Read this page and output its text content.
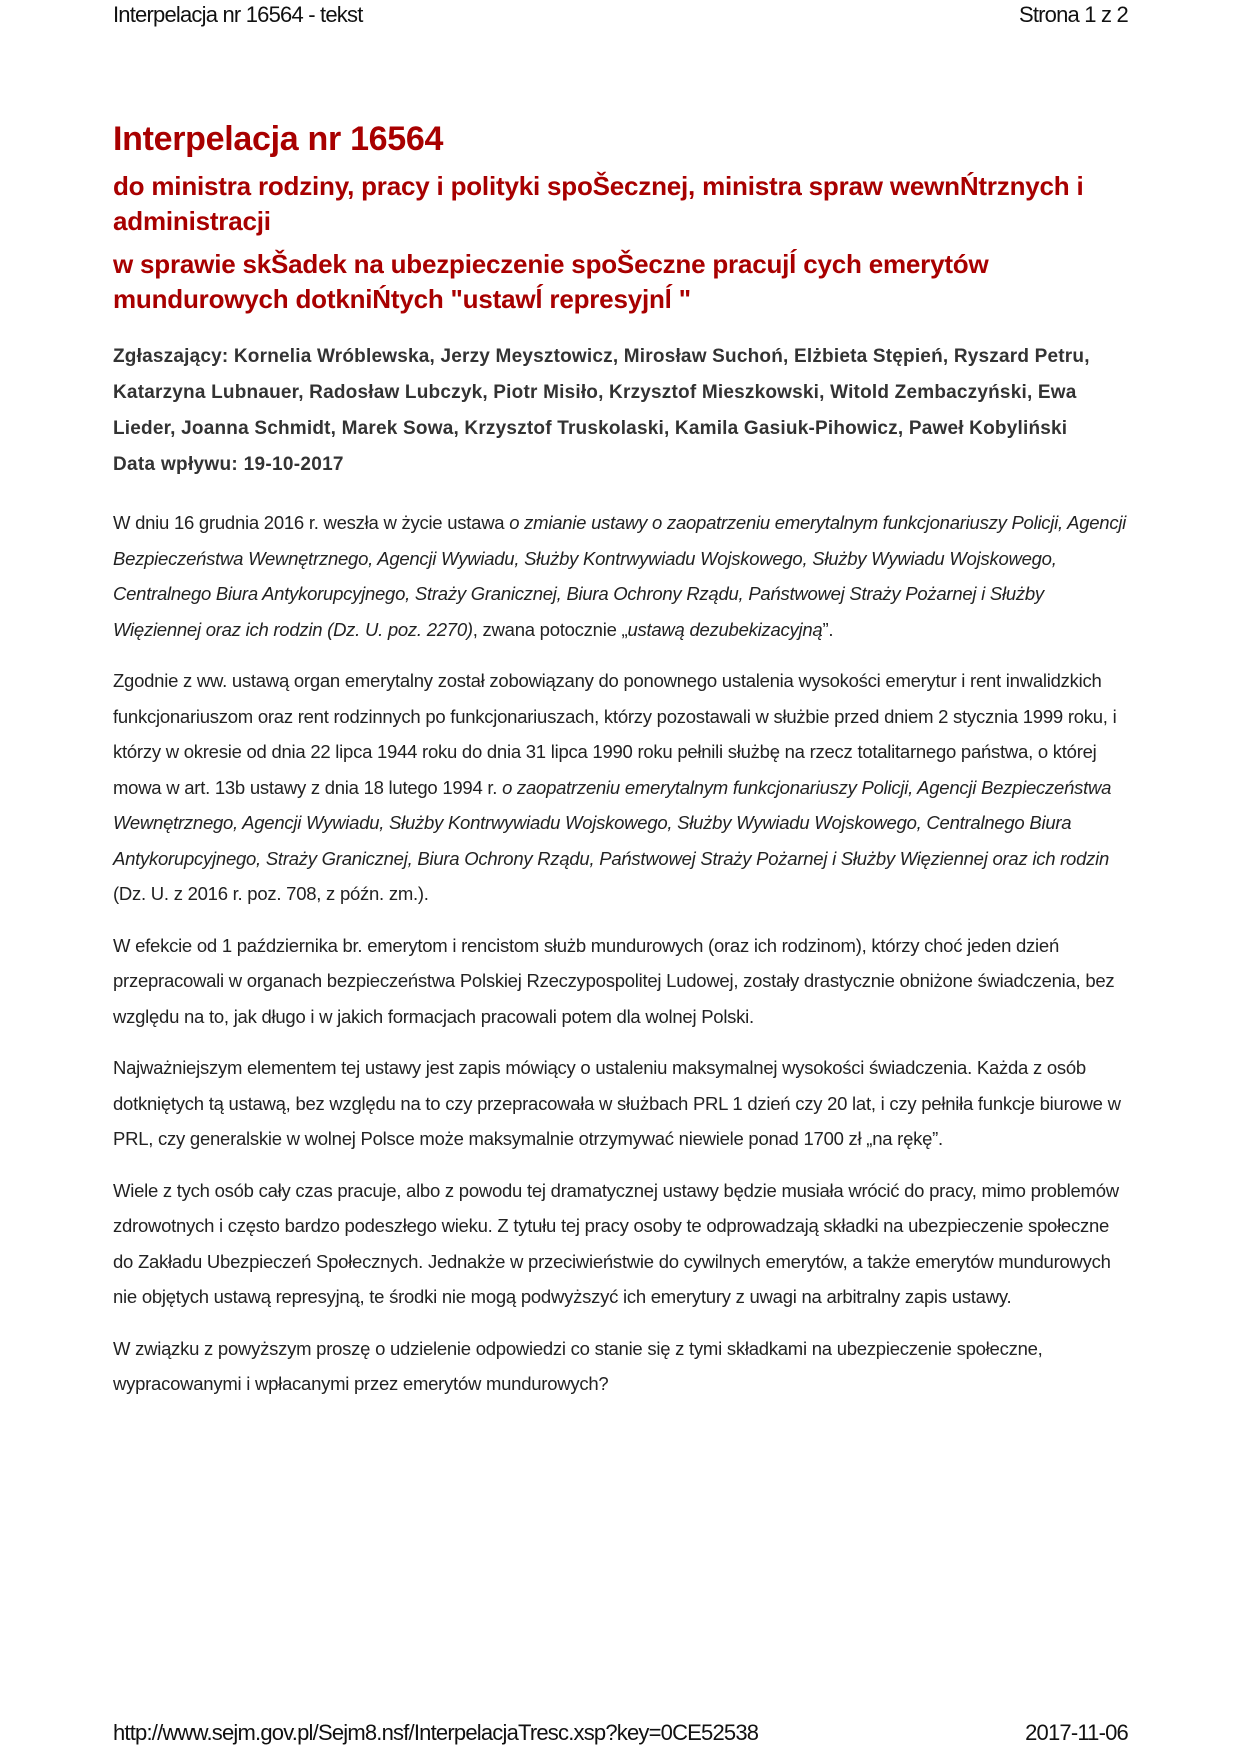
Interpelacja nr 16564 - tekst	Strona 1 z 2
Interpelacja nr 16564
do ministra rodziny, pracy i polityki spoŠecznej, ministra spraw wewnŃtrznych i administracji
w sprawie skŠadek na ubezpieczenie spoŠeczne pracujĺ cych emerytów mundurowych dotkniŃtych "ustawĺ represyjnĺ "
Zgłaszający: Kornelia Wróblewska, Jerzy Meysztowicz, Mirosław Suchoń, Elżbieta Stępień, Ryszard Petru, Katarzyna Lubnauer, Radosław Lubczyk, Piotr Misiło, Krzysztof Mieszkowski, Witold Zembaczyński, Ewa Lieder, Joanna Schmidt, Marek Sowa, Krzysztof Truskolaski, Kamila Gasiuk-Pihowicz, Paweł Kobyliński
Data wpływu: 19-10-2017

W dniu 16 grudnia 2016 r. weszła w życie ustawa o zmianie ustawy o zaopatrzeniu emerytalnym funkcjonariuszy Policji, Agencji Bezpieczeństwa Wewnętrznego, Agencji Wywiadu, Służby Kontrwywiadu Wojskowego, Służby Wywiadu Wojskowego, Centralnego Biura Antykorupcyjnego, Straży Granicznej, Biura Ochrony Rządu, Państwowej Straży Pożarnej i Służby Więziennej oraz ich rodzin (Dz. U. poz. 2270), zwana potocznie „ustawą dezubekizacyjną”.

Zgodnie z ww. ustawą organ emerytalny został zobowiązany do ponownego ustalenia wysokości emerytur i rent inwalidzkich funkcjonariuszom oraz rent rodzinnych po funkcjonariuszach, którzy pozostawali w służbie przed dniem 2 stycznia 1999 roku, i którzy w okresie od dnia 22 lipca 1944 roku do dnia 31 lipca 1990 roku pełnili służbę na rzecz totalitarnego państwa, o której mowa w art. 13b ustawy z dnia 18 lutego 1994 r. o zaopatrzeniu emerytalnym funkcjonariuszy Policji, Agencji Bezpieczeństwa Wewnętrznego, Agencji Wywiadu, Służby Kontrwywiadu Wojskowego, Służby Wywiadu Wojskowego, Centralnego Biura Antykorupcyjnego, Straży Granicznej, Biura Ochrony Rządu, Państwowej Straży Pożarnej i Służby Więziennej oraz ich rodzin (Dz. U. z 2016 r. poz. 708, z późn. zm.).

W efekcie od 1 października br. emerytom i rencistom służb mundurowych (oraz ich rodzinom), którzy choć jeden dzień przepracowali w organach bezpieczeństwa Polskiej Rzeczypospolitej Ludowej, zostały drastycznie obniżone świadczenia, bez względu na to, jak długo i w jakich formacjach pracowali potem dla wolnej Polski.

Najważniejszym elementem tej ustawy jest zapis mówiący o ustaleniu maksymalnej wysokości świadczenia. Każda z osób dotkniętych tą ustawą, bez względu na to czy przepracowała w służbach PRL 1 dzień czy 20 lat, i czy pełniła funkcje biurowe w PRL, czy generalskie w wolnej Polsce może maksymalnie otrzymywać niewiele ponad 1700 zł „na rękę”.

Wiele z tych osób cały czas pracuje, albo z powodu tej dramatycznej ustawy będzie musiała wrócić do pracy, mimo problemów zdrowotnych i często bardzo podeszłego wieku. Z tytułu tej pracy osoby te odprowadzają składki na ubezpieczenie społeczne do Zakładu Ubezpieczeń Społecznych. Jednakże w przeciwieństwie do cywilnych emerytów, a także emerytów mundurowych nie objętych ustawą represyjną, te środki nie mogą podwyższyć ich emerytury z uwagi na arbitralny zapis ustawy.

W związku z powyższym proszę o udzielenie odpowiedzi co stanie się z tymi składkami na ubezpieczenie społeczne, wypracowanymi i wpłacanymi przez emerytów mundurowych?

http://www.sejm.gov.pl/Sejm8.nsf/InterpelacjaTresc.xsp?key=0CE52538	2017-11-06
